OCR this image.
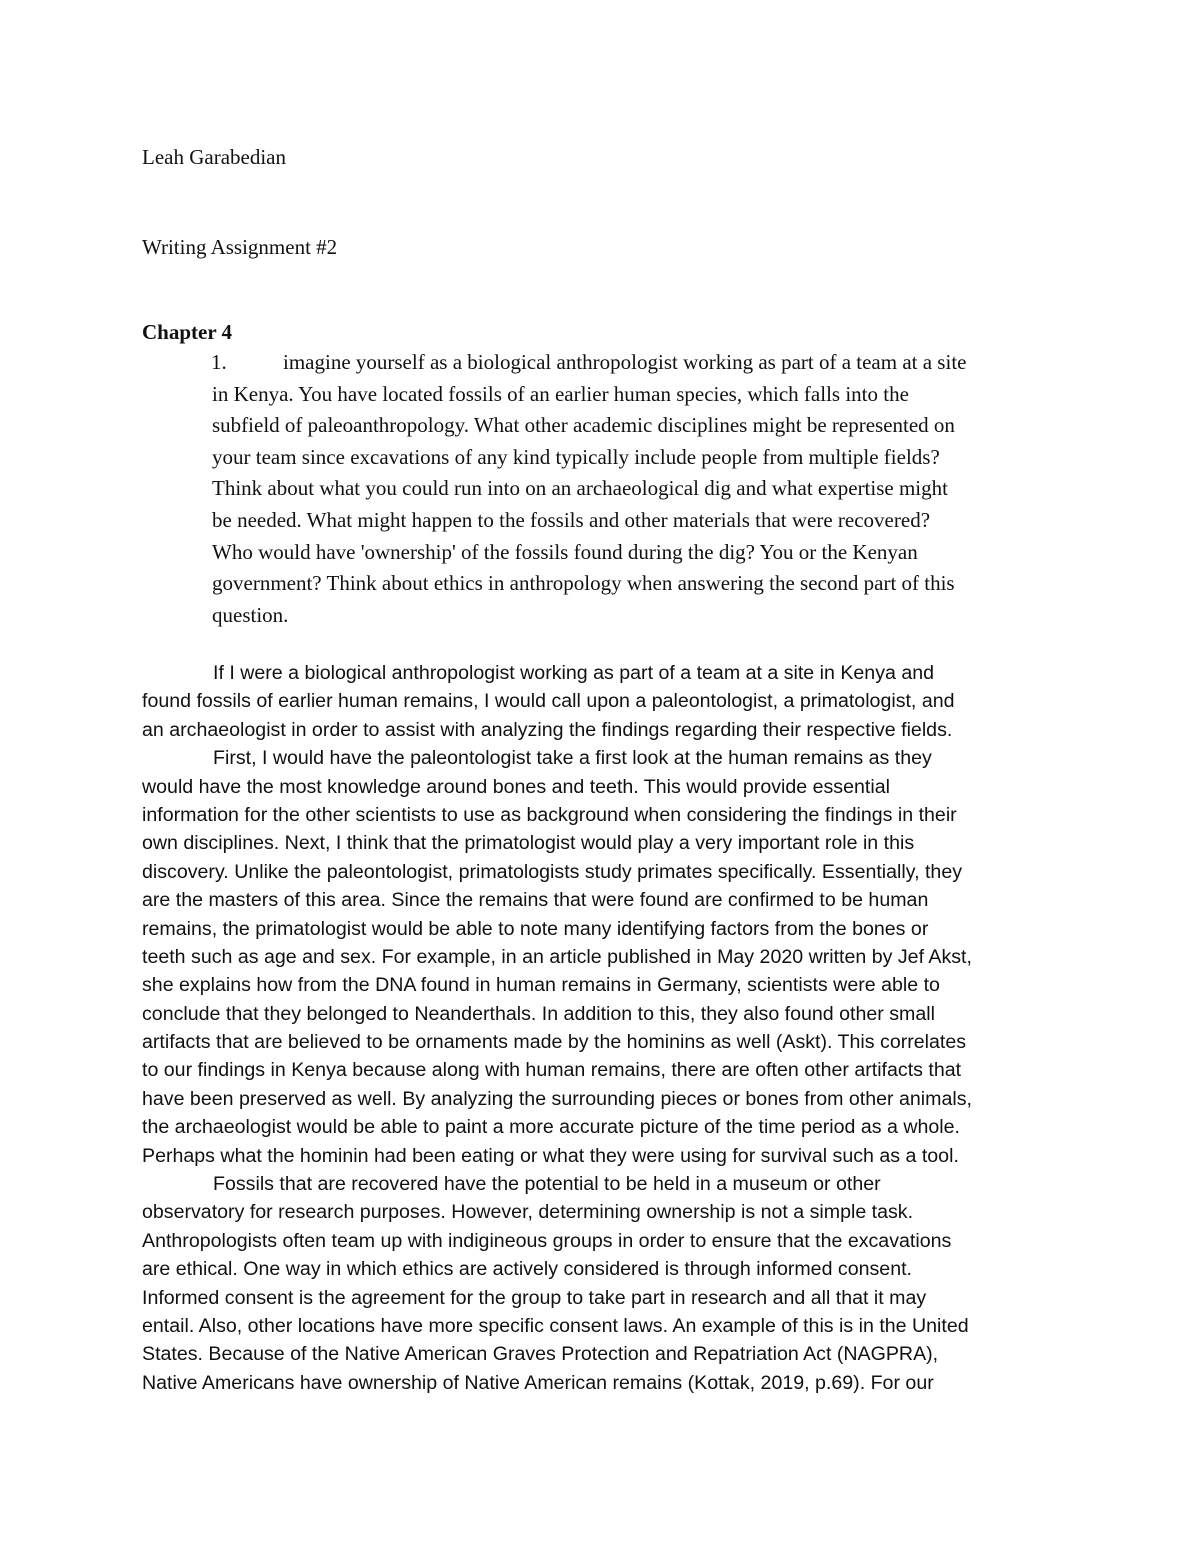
Leah Garabedian
Writing Assignment #2
Chapter 4
1.	imagine yourself as a biological anthropologist working as part of a team at a site
in Kenya. You have located fossils of an earlier human species, which falls into the
subfield of paleoanthropology. What other academic disciplines might be represented on
your team since excavations of any kind typically include people from multiple fields?
Think about what you could run into on an archaeological dig and what expertise might
be needed. What might happen to the fossils and other materials that were recovered?
Who would have 'ownership' of the fossils found during the dig? You or the Kenyan
government? Think about ethics in anthropology when answering the second part of this
question.
If I were a biological anthropologist working as part of a team at a site in Kenya and
found fossils of earlier human remains, I would call upon a paleontologist, a primatologist, and
an archaeologist in order to assist with analyzing the findings regarding their respective fields.
First, I would have the paleontologist take a first look at the human remains as they
would have the most knowledge around bones and teeth. This would provide essential
information for the other scientists to use as background when considering the findings in their
own disciplines. Next, I think that the primatologist would play a very important role in this
discovery. Unlike the paleontologist, primatologists study primates specifically. Essentially, they
are the masters of this area. Since the remains that were found are confirmed to be human
remains, the primatologist would be able to note many identifying factors from the bones or
teeth such as age and sex. For example, in an article published in May 2020 written by Jef Akst,
she explains how from the DNA found in human remains in Germany, scientists were able to
conclude that they belonged to Neanderthals. In addition to this, they also found other small
artifacts that are believed to be ornaments made by the hominins as well (Askt). This correlates
to our findings in Kenya because along with human remains, there are often other artifacts that
have been preserved as well. By analyzing the surrounding pieces or bones from other animals,
the archaeologist would be able to paint a more accurate picture of the time period as a whole.
Perhaps what the hominin had been eating or what they were using for survival such as a tool.
Fossils that are recovered have the potential to be held in a museum or other
observatory for research purposes. However, determining ownership is not a simple task.
Anthropologists often team up with indigineous groups in order to ensure that the excavations
are ethical. One way in which ethics are actively considered is through informed consent.
Informed consent is the agreement for the group to take part in research and all that it may
entail. Also, other locations have more specific consent laws. An example of this is in the United
States. Because of the Native American Graves Protection and Repatriation Act (NAGPRA),
Native Americans have ownership of Native American remains (Kottak, 2019, p.69). For our
